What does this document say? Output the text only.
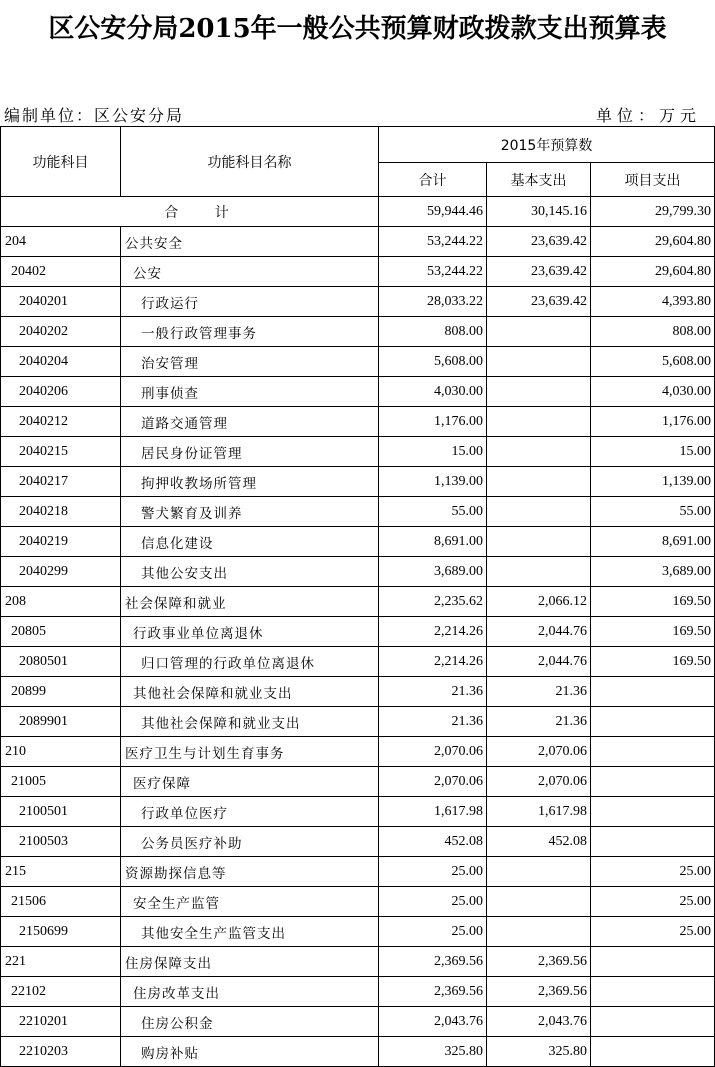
区公安分局2015年一般公共预算财政拨款支出预算表
编制单位：区公安分局	单位：万元
功能科目	功能科目名称	2015年预算数		
		合计	基本支出	项目支出
合 计		59,944.46	30,145.16	29,799.30
204	公共安全	53,244.22	23,639.42	29,604.80
20402	公安	53,244.22	23,639.42	29,604.80
2040201	行政运行	28,033.22	23,639.42	4,393.80
2040202	一般行政管理事务	808.00		808.00
2040204	治安管理	5,608.00		5,608.00
2040206	刑事侦查	4,030.00		4,030.00
2040212	道路交通管理	1,176.00		1,176.00
2040215	居民身份证管理	15.00		15.00
2040217	拘押收教场所管理	1,139.00		1,139.00
2040218	警犬繁育及训养	55.00		55.00
2040219	信息化建设	8,691.00		8,691.00
2040299	其他公安支出	3,689.00		3,689.00
208	社会保障和就业	2,235.62	2,066.12	169.50
20805	行政事业单位离退休	2,214.26	2,044.76	169.50
2080501	归口管理的行政单位离退休	2,214.26	2,044.76	169.50
20899	其他社会保障和就业支出	21.36	21.36	
2089901	其他社会保障和就业支出	21.36	21.36	
210	医疗卫生与计划生育事务	2,070.06	2,070.06	
21005	医疗保障	2,070.06	2,070.06	
2100501	行政单位医疗	1,617.98	1,617.98	
2100503	公务员医疗补助	452.08	452.08	
215	资源勘探信息等	25.00		25.00
21506	安全生产监管	25.00		25.00
2150699	其他安全生产监管支出	25.00		25.00
221	住房保障支出	2,369.56	2,369.56	
22102	住房改革支出	2,369.56	2,369.56	
2210201	住房公积金	2,043.76	2,043.76	
2210203	购房补贴	325.80	325.80	
